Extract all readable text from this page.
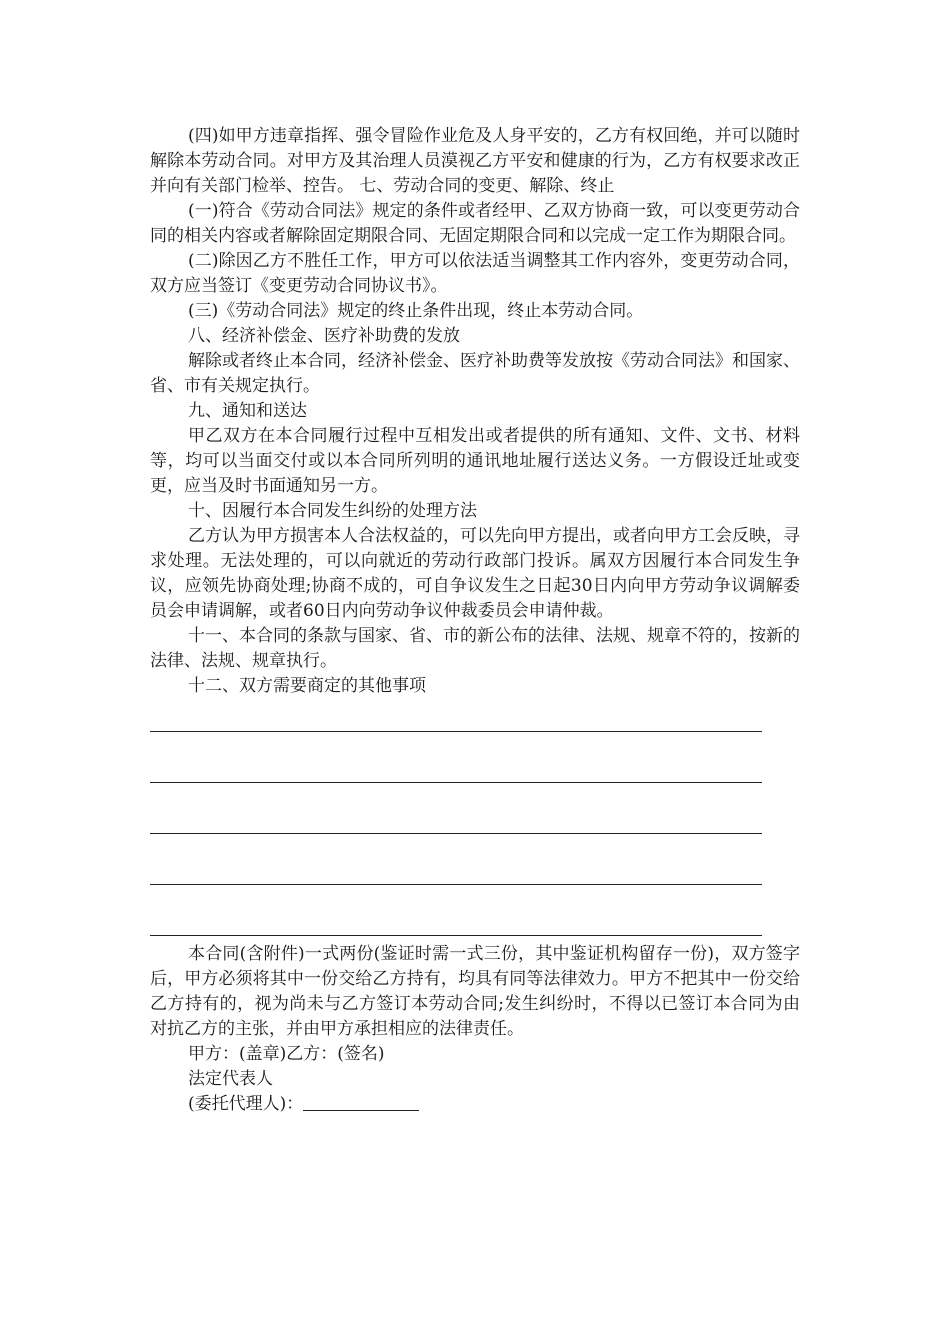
(四)如甲方违章指挥、强令冒险作业危及人身平安的，乙方有权回绝，并可以随时解除本劳动合同。对甲方及其治理人员漠视乙方平安和健康的行为，乙方有权要求改正并向有关部门检举、控告。 七、劳动合同的变更、解除、终止

(一)符合《劳动合同法》规定的条件或者经甲、乙双方协商一致，可以变更劳动合同的相关内容或者解除固定期限合同、无固定期限合同和以完成一定工作为期限合同。

(二)除因乙方不胜任工作，甲方可以依法适当调整其工作内容外，变更劳动合同，双方应当签订《变更劳动合同协议书》。

(三)《劳动合同法》规定的终止条件出现，终止本劳动合同。

八、经济补偿金、医疗补助费的发放

解除或者终止本合同，经济补偿金、医疗补助费等发放按《劳动合同法》和国家、省、市有关规定执行。

九、通知和送达

甲乙双方在本合同履行过程中互相发出或者提供的所有通知、文件、文书、材料等，均可以当面交付或以本合同所列明的通讯地址履行送达义务。一方假设迁址或变更，应当及时书面通知另一方。

十、因履行本合同发生纠纷的处理方法

乙方认为甲方损害本人合法权益的，可以先向甲方提出，或者向甲方工会反映，寻求处理。无法处理的，可以向就近的劳动行政部门投诉。属双方因履行本合同发生争议，应领先协商处理;协商不成的，可自争议发生之日起30日内向甲方劳动争议调解委员会申请调解，或者60日内向劳动争议仲裁委员会申请仲裁。

十一、本合同的条款与国家、省、市的新公布的法律、法规、规章不符的，按新的法律、法规、规章执行。

十二、双方需要商定的其他事项

本合同(含附件)一式两份(鉴证时需一式三份，其中鉴证机构留存一份)，双方签字后，甲方必须将其中一份交给乙方持有，均具有同等法律效力。甲方不把其中一份交给乙方持有的，视为尚未与乙方签订本劳动合同;发生纠纷时，不得以已签订本合同为由对抗乙方的主张，并由甲方承担相应的法律责任。

甲方：(盖章)乙方：(签名)

法定代表人

(委托代理人)：
